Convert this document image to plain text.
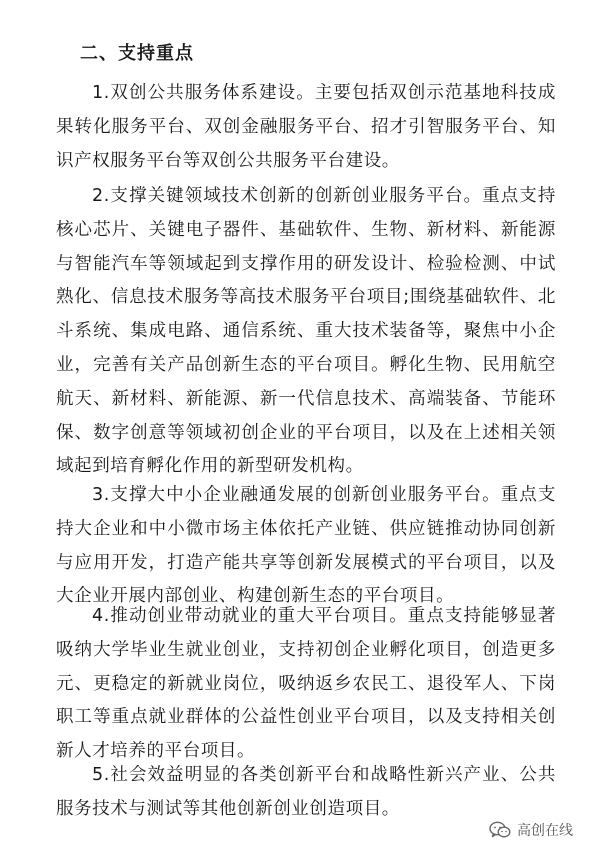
二、支持重点

1.双创公共服务体系建设。主要包括双创示范基地科技成果转化服务平台、双创金融服务平台、招才引智服务平台、知识产权服务平台等双创公共服务平台建设。

2.支撑关键领域技术创新的创新创业服务平台。重点支持核心芯片、关键电子器件、基础软件、生物、新材料、新能源与智能汽车等领域起到支撑作用的研发设计、检验检测、中试熟化、信息技术服务等高技术服务平台项目;围绕基础软件、北斗系统、集成电路、通信系统、重大技术装备等，聚焦中小企业，完善有关产品创新生态的平台项目。孵化生物、民用航空航天、新材料、新能源、新一代信息技术、高端装备、节能环保、数字创意等领域初创企业的平台项目，以及在上述相关领域起到培育孵化作用的新型研发机构。

3.支撑大中小企业融通发展的创新创业服务平台。重点支持大企业和中小微市场主体依托产业链、供应链推动协同创新与应用开发，打造产能共享等创新发展模式的平台项目，以及大企业开展内部创业、构建创新生态的平台项目。

4.推动创业带动就业的重大平台项目。重点支持能够显著吸纳大学毕业生就业创业，支持初创企业孵化项目，创造更多元、更稳定的新就业岗位，吸纳返乡农民工、退役军人、下岗职工等重点就业群体的公益性创业平台项目，以及支持相关创新人才培养的平台项目。

5.社会效益明显的各类创新平台和战略性新兴产业、公共服务技术与测试等其他创新创业创造项目。

高创在线
